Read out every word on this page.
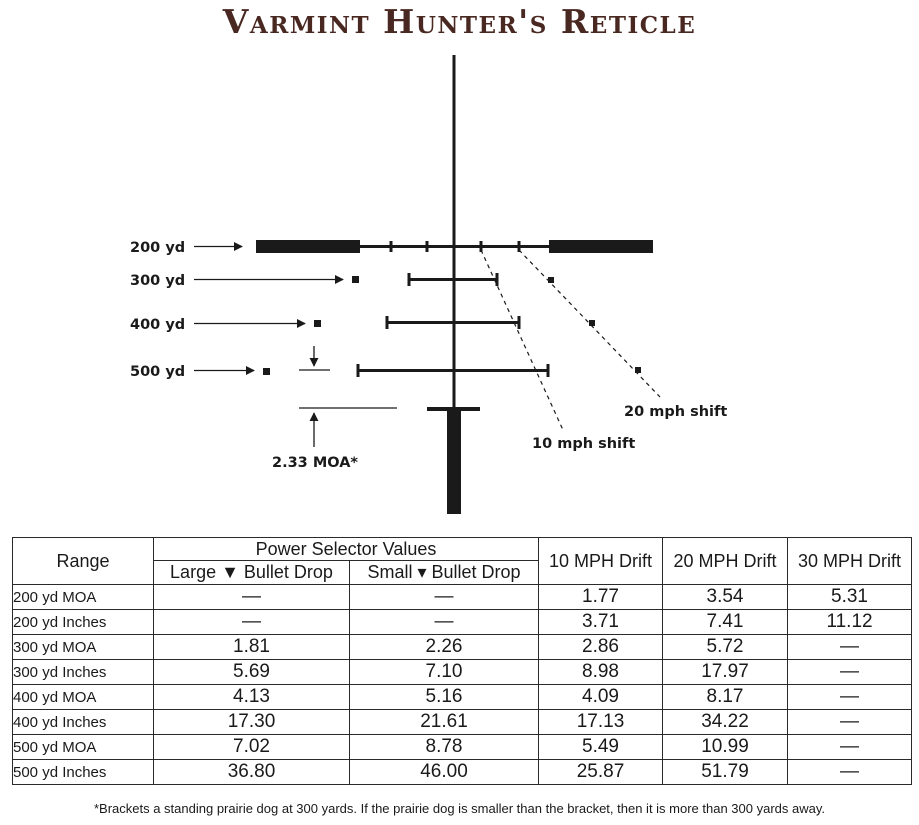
Varmint Hunter's Reticle
200 yd
300 yd
400 yd
500 yd
2.33 MOA*
20 mph shift
10 mph shift
Range	Power Selector Values		10 MPH Drift	20 MPH Drift	30 MPH Drift
	Large ▼ Bullet Drop	Small ▾ Bullet Drop			
200 yd MOA	—	—	1.77	3.54	5.31
200 yd Inches	—	—	3.71	7.41	11.12
300 yd MOA	1.81	2.26	2.86	5.72	—
300 yd Inches	5.69	7.10	8.98	17.97	—
400 yd MOA	4.13	5.16	4.09	8.17	—
400 yd Inches	17.30	21.61	17.13	34.22	—
500 yd MOA	7.02	8.78	5.49	10.99	—
500 yd Inches	36.80	46.00	25.87	51.79	—
*Brackets a standing prairie dog at 300 yards. If the prairie dog is smaller than the bracket, then it is more than 300 yards away.
